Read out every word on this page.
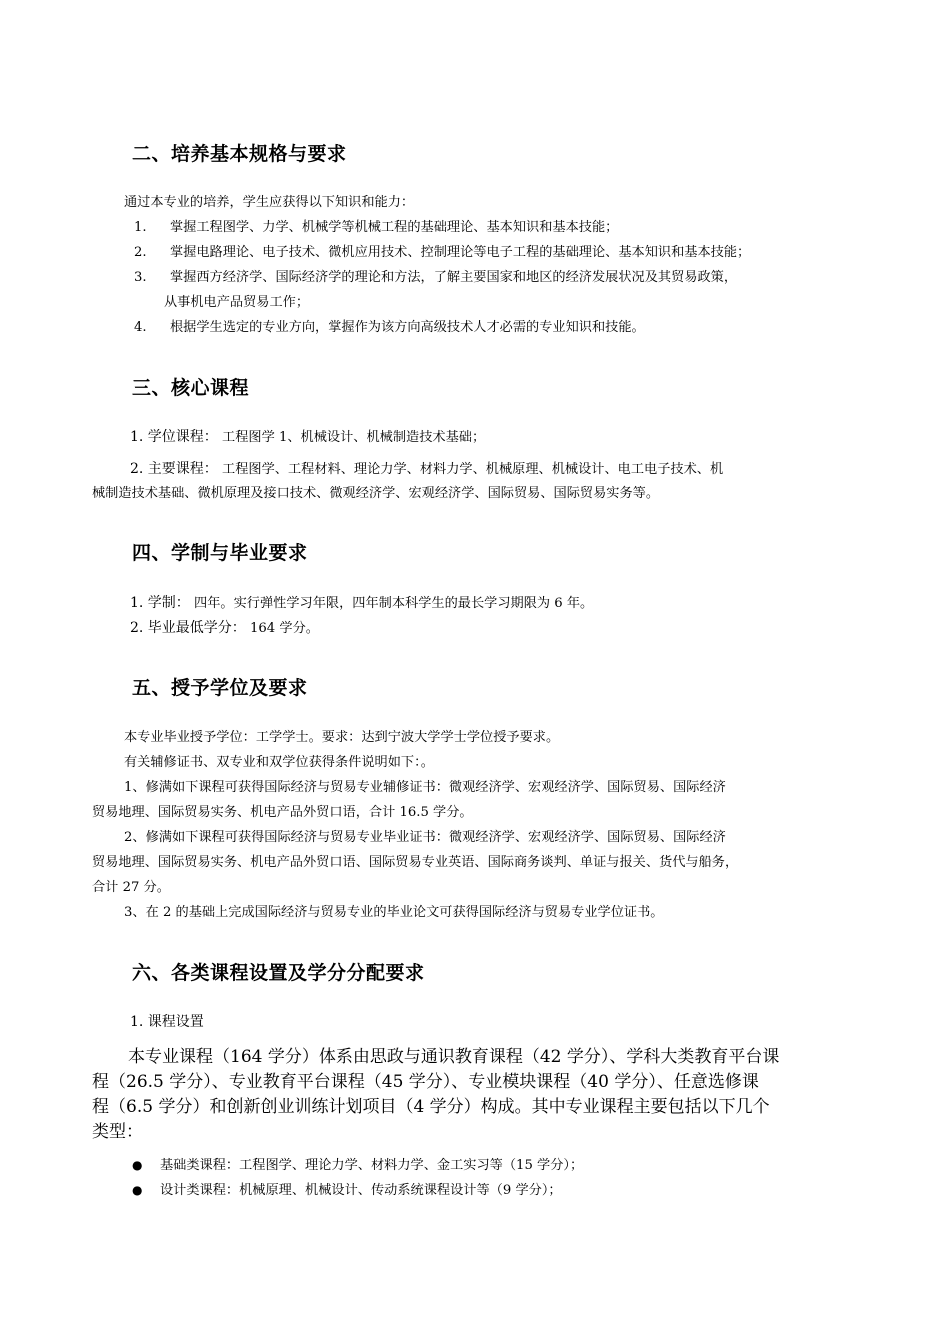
二、培养基本规格与要求
通过本专业的培养，学生应获得以下知识和能力：
1. 掌握工程图学、力学、机械学等机械工程的基础理论、基本知识和基本技能；
2. 掌握电路理论、电子技术、微机应用技术、控制理论等电子工程的基础理论、基本知识和基本技能；
3. 掌握西方经济学、国际经济学的理论和方法，了解主要国家和地区的经济发展状况及其贸易政策，
从事机电产品贸易工作；
4. 根据学生选定的专业方向，掌握作为该方向高级技术人才必需的专业知识和技能。
三、核心课程
1. 学位课程： 工程图学 1、机械设计、机械制造技术基础；
2. 主要课程： 工程图学、工程材料、理论力学、材料力学、机械原理、机械设计、电工电子技术、机
械制造技术基础、微机原理及接口技术、微观经济学、宏观经济学、国际贸易、国际贸易实务等。
四、学制与毕业要求
1. 学制： 四年。实行弹性学习年限，四年制本科学生的最长学习期限为 6 年。
2. 毕业最低学分： 164 学分。
五、授予学位及要求
本专业毕业授予学位：工学学士。要求：达到宁波大学学士学位授予要求。
有关辅修证书、双专业和双学位获得条件说明如下：。
1、修满如下课程可获得国际经济与贸易专业辅修证书：微观经济学、宏观经济学、国际贸易、国际经济
贸易地理、国际贸易实务、机电产品外贸口语，合计 16.5 学分。
2、修满如下课程可获得国际经济与贸易专业毕业证书：微观经济学、宏观经济学、国际贸易、国际经济
贸易地理、国际贸易实务、机电产品外贸口语、国际贸易专业英语、国际商务谈判、单证与报关、货代与船务，
合计 27 分。
3、在 2 的基础上完成国际经济与贸易专业的毕业论文可获得国际经济与贸易专业学位证书。
六、各类课程设置及学分分配要求
1. 课程设置
本专业课程（164 学分）体系由思政与通识教育课程（42 学分）、学科大类教育平台课
程（26.5 学分）、专业教育平台课程（45 学分）、专业模块课程（40 学分）、任意选修课
程（6.5 学分）和创新创业训练计划项目（4 学分）构成。其中专业课程主要包括以下几个
类型：
● 基础类课程：工程图学、理论力学、材料力学、金工实习等（15 学分）；
● 设计类课程：机械原理、机械设计、传动系统课程设计等（9 学分）；
